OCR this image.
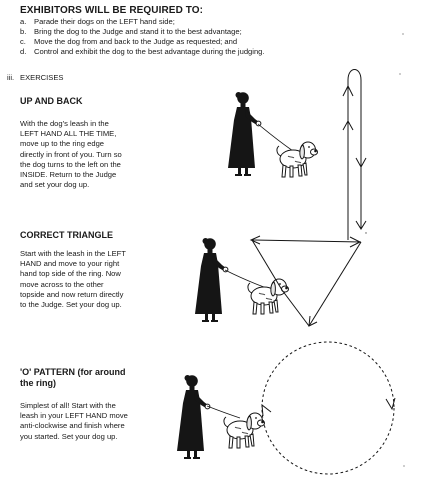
EXHIBITORS WILL BE REQUIRED TO:
a. Parade their dogs on the LEFT hand side;
b. Bring the dog to the Judge and stand it to the best advantage;
c. Move the dog from and back to the Judge as requested; and
d. Control and exhibit the dog to the best advantage during the judging.
iii. EXERCISES
UP AND BACK
With the dog's leash in the
LEFT HAND ALL THE TIME,
move up to the ring edge
directly in front of you. Turn so
the dog turns to the left on the
INSIDE. Return to the Judge
and set your dog up.
CORRECT TRIANGLE
Start with the leash in the LEFT
HAND and move to your right
hand top side of the ring. Now
move across to the other
topside and now return directly
to the Judge. Set your dog up.
'O' PATTERN (for around
the ring)
Simplest of all! Start with the
leash in your LEFT HAND move
anti-clockwise and finish where
you started. Set your dog up.
